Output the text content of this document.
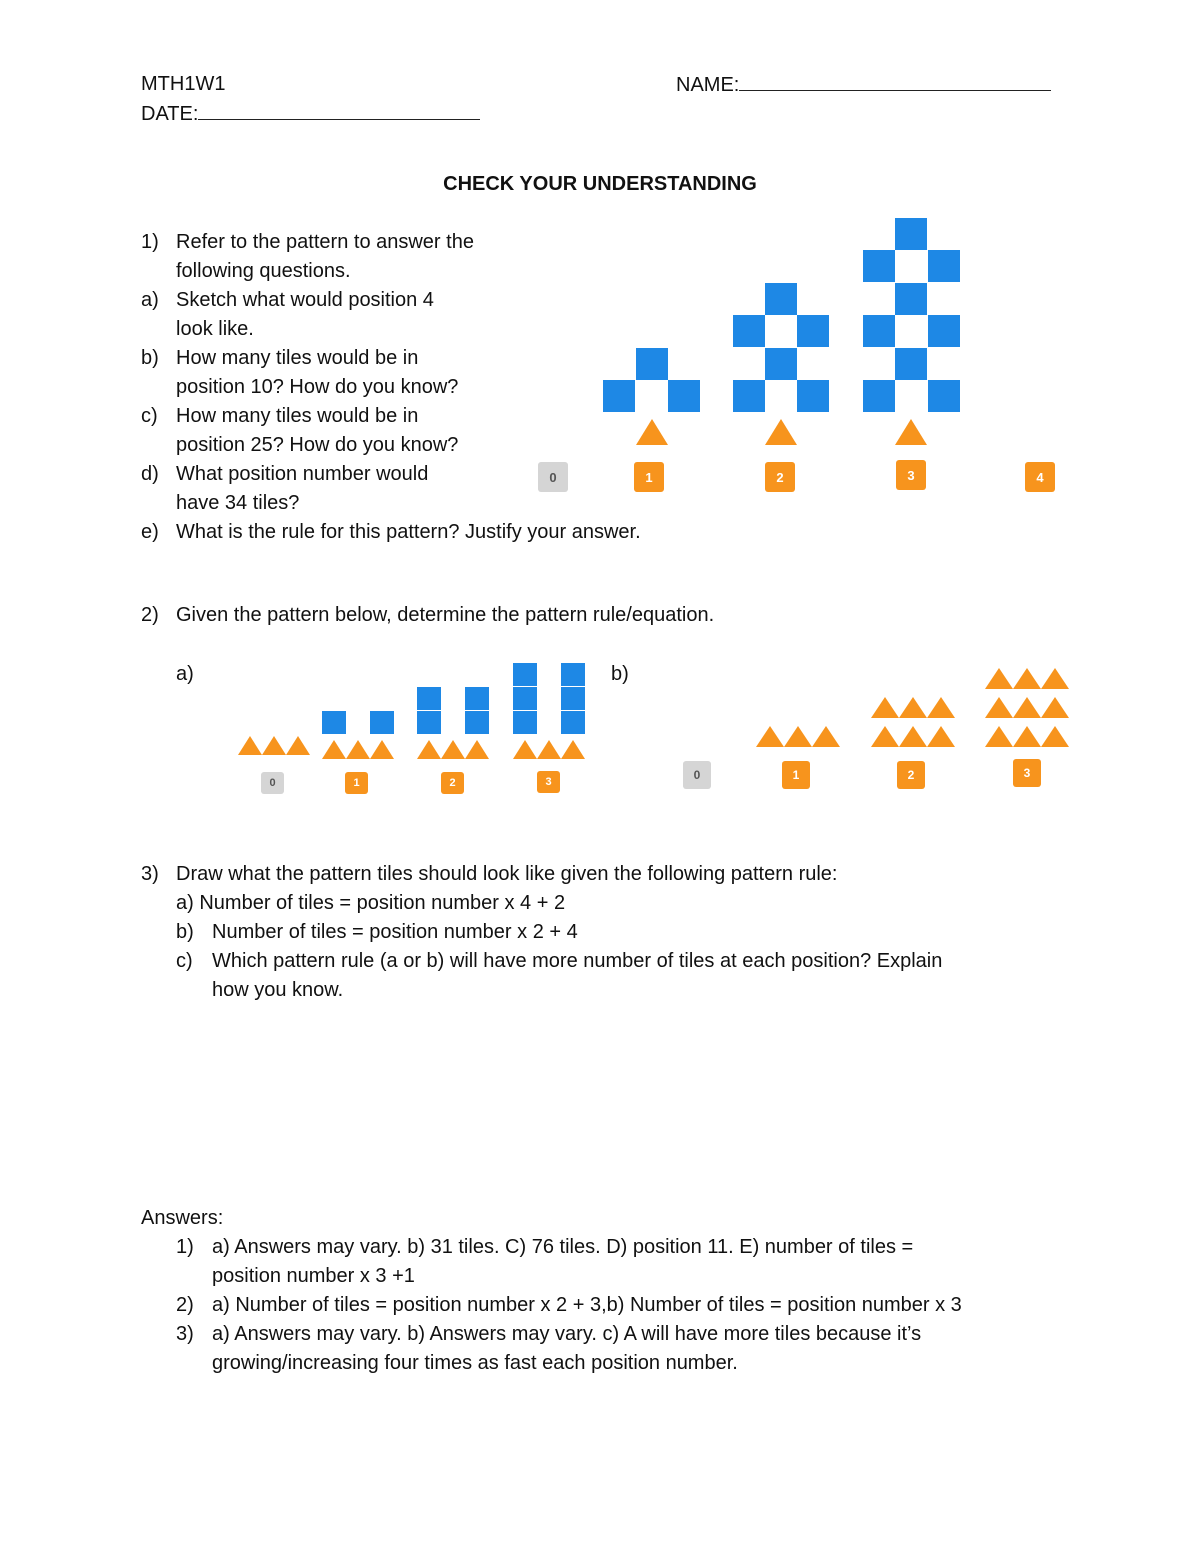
MTH1W1	NAME:
DATE:
CHECK YOUR UNDERSTANDING
1) Refer to the pattern to answer the
following questions.
a) Sketch what would position 4
look like.
b) How many tiles would be in
position 10? How do you know?
c) How many tiles would be in
position 25? How do you know?
d) What position number would
have 34 tiles?
e) What is the rule for this pattern? Justify your answer.
0	1	2	3	4
2) Given the pattern below, determine the pattern rule/equation.
a)	b)
0	1	2	3	0	1	2	3
3) Draw what the pattern tiles should look like given the following pattern rule:
a) Number of tiles = position number x 4 + 2
b) Number of tiles = position number x 2 + 4
c) Which pattern rule (a or b) will have more number of tiles at each position? Explain
how you know.
Answers:
1) a) Answers may vary. b) 31 tiles. C) 76 tiles. D) position 11. E) number of tiles =
position number x 3 +1
2) a) Number of tiles = position number x 2 + 3,b) Number of tiles = position number x 3
3) a) Answers may vary. b) Answers may vary. c) A will have more tiles because it’s
growing/increasing four times as fast each position number.
